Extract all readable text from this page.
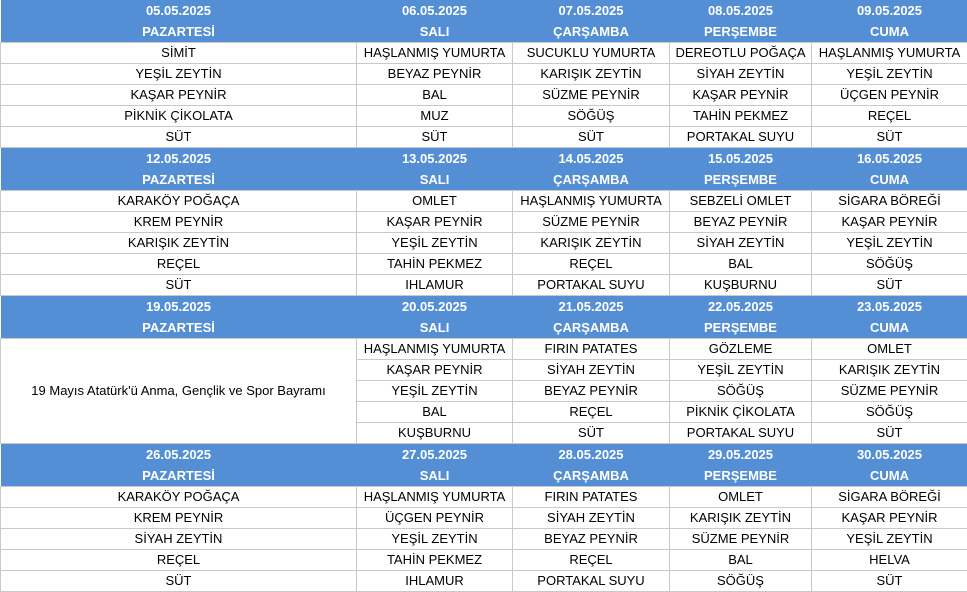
05.05.2025	06.05.2025	07.05.2025	08.05.2025	09.05.2025
PAZARTESİ	SALI	ÇARŞAMBA	PERŞEMBE	CUMA
SİMİT	HAŞLANMIŞ YUMURTA	SUCUKLU YUMURTA	DEREOTLU POĞAÇA	HAŞLANMIŞ YUMURTA
YEŞİL ZEYTİN	BEYAZ PEYNİR	KARIŞIK ZEYTİN	SİYAH ZEYTİN	YEŞİL ZEYTİN
KAŞAR PEYNİR	BAL	SÜZME PEYNİR	KAŞAR PEYNİR	ÜÇGEN PEYNİR
PİKNİK ÇİKOLATA	MUZ	SÖĞÜŞ	TAHİN PEKMEZ	REÇEL
SÜT	SÜT	SÜT	PORTAKAL SUYU	SÜT
12.05.2025	13.05.2025	14.05.2025	15.05.2025	16.05.2025
PAZARTESİ	SALI	ÇARŞAMBA	PERŞEMBE	CUMA
KARAKÖY POĞAÇA	OMLET	HAŞLANMIŞ YUMURTA	SEBZELİ OMLET	SİGARA BÖREĞİ
KREM PEYNİR	KAŞAR PEYNİR	SÜZME PEYNİR	BEYAZ PEYNİR	KAŞAR PEYNİR
KARIŞIK ZEYTİN	YEŞİL ZEYTİN	KARIŞIK ZEYTİN	SİYAH ZEYTİN	YEŞİL ZEYTİN
REÇEL	TAHİN PEKMEZ	REÇEL	BAL	SÖĞÜŞ
SÜT	IHLAMUR	PORTAKAL SUYU	KUŞBURNU	SÜT
19.05.2025	20.05.2025	21.05.2025	22.05.2025	23.05.2025
PAZARTESİ	SALI	ÇARŞAMBA	PERŞEMBE	CUMA
19 Mayıs Atatürk'ü Anma, Gençlik ve Spor Bayramı	HAŞLANMIŞ YUMURTA	FIRIN PATATES	GÖZLEME	OMLET
	KAŞAR PEYNİR	SİYAH ZEYTİN	YEŞİL ZEYTİN	KARIŞIK ZEYTİN
	YEŞİL ZEYTİN	BEYAZ PEYNİR	SÖĞÜŞ	SÜZME PEYNİR
	BAL	REÇEL	PİKNİK ÇİKOLATA	SÖĞÜŞ
	KUŞBURNU	SÜT	PORTAKAL SUYU	SÜT
26.05.2025	27.05.2025	28.05.2025	29.05.2025	30.05.2025
PAZARTESİ	SALI	ÇARŞAMBA	PERŞEMBE	CUMA
KARAKÖY POĞAÇA	HAŞLANMIŞ YUMURTA	FIRIN PATATES	OMLET	SİGARA BÖREĞİ
KREM PEYNİR	ÜÇGEN PEYNİR	SİYAH ZEYTİN	KARIŞIK ZEYTİN	KAŞAR PEYNİR
SİYAH ZEYTİN	YEŞİL ZEYTİN	BEYAZ PEYNİR	SÜZME PEYNİR	YEŞİL ZEYTİN
REÇEL	TAHİN PEKMEZ	REÇEL	BAL	HELVA
SÜT	IHLAMUR	PORTAKAL SUYU	SÖĞÜŞ	SÜT
